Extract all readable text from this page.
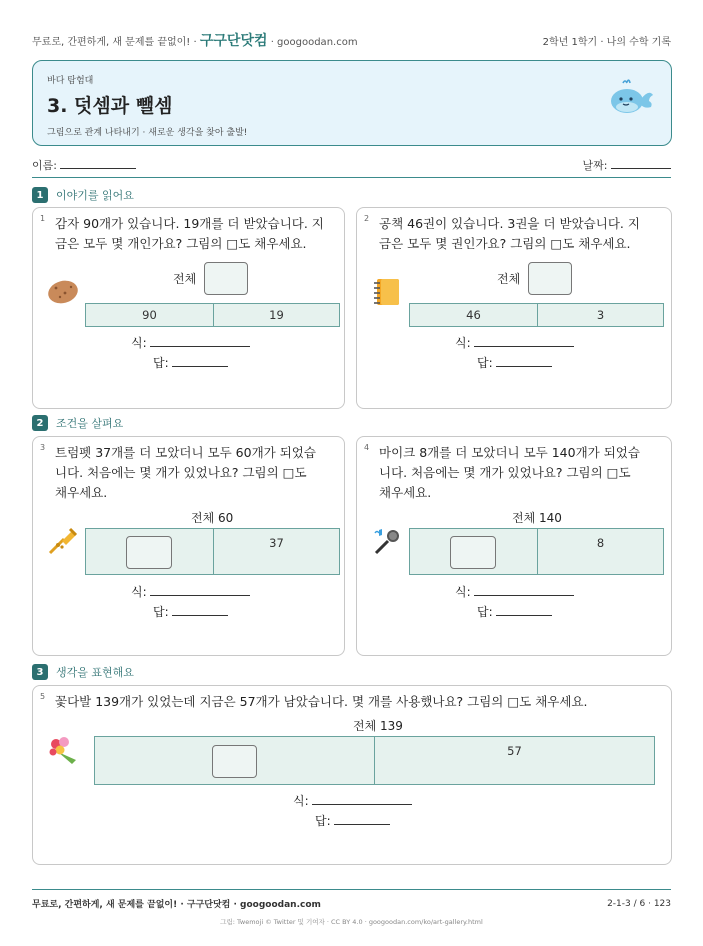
무료로, 간편하게, 새 문제를 끝없이! · 구구단닷컴 · googoodan.com	2학년 1학기 · 나의 수학 기록
바다 탐험대
3. 덧셈과 뺄셈
그림으로 관계 나타내기 · 새로운 생각을 찾아 출발!
이름:	날짜:
1	이야기를 읽어요
1 감자 90개가 있습니다. 19개를 더 받았습니다. 지
금은 모두 몇 개인가요? 그림의 □도 채우세요.
전체
90	19
식:
답:
2 공책 46권이 있습니다. 3권을 더 받았습니다. 지
금은 모두 몇 권인가요? 그림의 □도 채우세요.
전체
46	3
식:
답:
2	조건을 살펴요
3 트럼펫 37개를 더 모았더니 모두 60개가 되었습
니다. 처음에는 몇 개가 있었나요? 그림의 □도
채우세요.
전체 60
37
식:
답:
4 마이크 8개를 더 모았더니 모두 140개가 되었습
니다. 처음에는 몇 개가 있었나요? 그림의 □도
채우세요.
전체 140
8
식:
답:
3	생각을 표현해요
5 꽃다발 139개가 있었는데 지금은 57개가 남았습니다. 몇 개를 사용했나요? 그림의 □도 채우세요.
전체 139
57
식:
답:
무료로, 간편하게, 새 문제를 끝없이! · 구구단닷컴 · googoodan.com	2-1-3 / 6 · 123
그림: Twemoji © Twitter 및 기여자 · CC BY 4.0 · googoodan.com/ko/art-gallery.html
